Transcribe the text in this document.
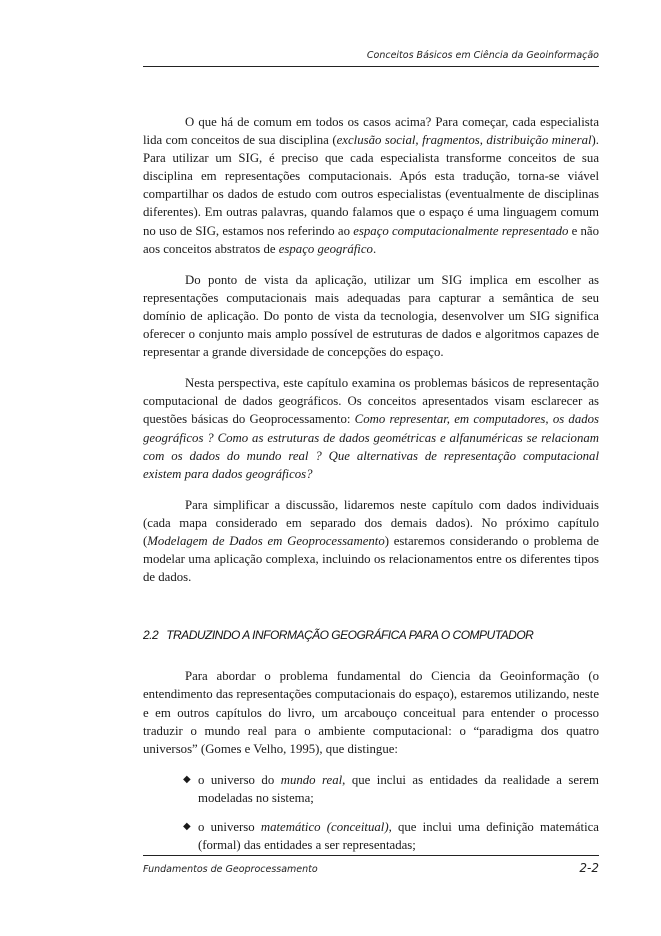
Conceitos Básicos em Ciência da Geoinformação

O que há de comum em todos os casos acima? Para começar, cada especialista lida com conceitos de sua disciplina (exclusão social, fragmentos, distribuição mineral). Para utilizar um SIG, é preciso que cada especialista transforme conceitos de sua disciplina em representações computacionais. Após esta tradução, torna-se viável compartilhar os dados de estudo com outros especialistas (eventualmente de disciplinas diferentes). Em outras palavras, quando falamos que o espaço é uma linguagem comum no uso de SIG, estamos nos referindo ao espaço computacionalmente representado e não aos conceitos abstratos de espaço geográfico.

Do ponto de vista da aplicação, utilizar um SIG implica em escolher as representações computacionais mais adequadas para capturar a semântica de seu domínio de aplicação. Do ponto de vista da tecnologia, desenvolver um SIG significa oferecer o conjunto mais amplo possível de estruturas de dados e algoritmos capazes de representar a grande diversidade de concepções do espaço.

Nesta perspectiva, este capítulo examina os problemas básicos de representação computacional de dados geográficos. Os conceitos apresentados visam esclarecer as questões básicas do Geoprocessamento: Como representar, em computadores, os dados geográficos ? Como as estruturas de dados geométricas e alfanuméricas se relacionam com os dados do mundo real ? Que alternativas de representação computacional existem para dados geográficos?

Para simplificar a discussão, lidaremos neste capítulo com dados individuais (cada mapa considerado em separado dos demais dados). No próximo capítulo (Modelagem de Dados em Geoprocessamento) estaremos considerando o problema de modelar uma aplicação complexa, incluindo os relacionamentos entre os diferentes tipos de dados.

2.2 TRADUZINDO A INFORMAÇÃO GEOGRÁFICA PARA O COMPUTADOR

Para abordar o problema fundamental do Ciencia da Geoinformação (o entendimento das representações computacionais do espaço), estaremos utilizando, neste e em outros capítulos do livro, um arcabouço conceitual para entender o processo traduzir o mundo real para o ambiente computacional: o “paradigma dos quatro universos” (Gomes e Velho, 1995), que distingue:

◆ o universo do mundo real, que inclui as entidades da realidade a serem modeladas no sistema;
◆ o universo matemático (conceitual), que inclui uma definição matemática (formal) das entidades a ser representadas;
Fundamentos de Geoprocessamento	2-2
